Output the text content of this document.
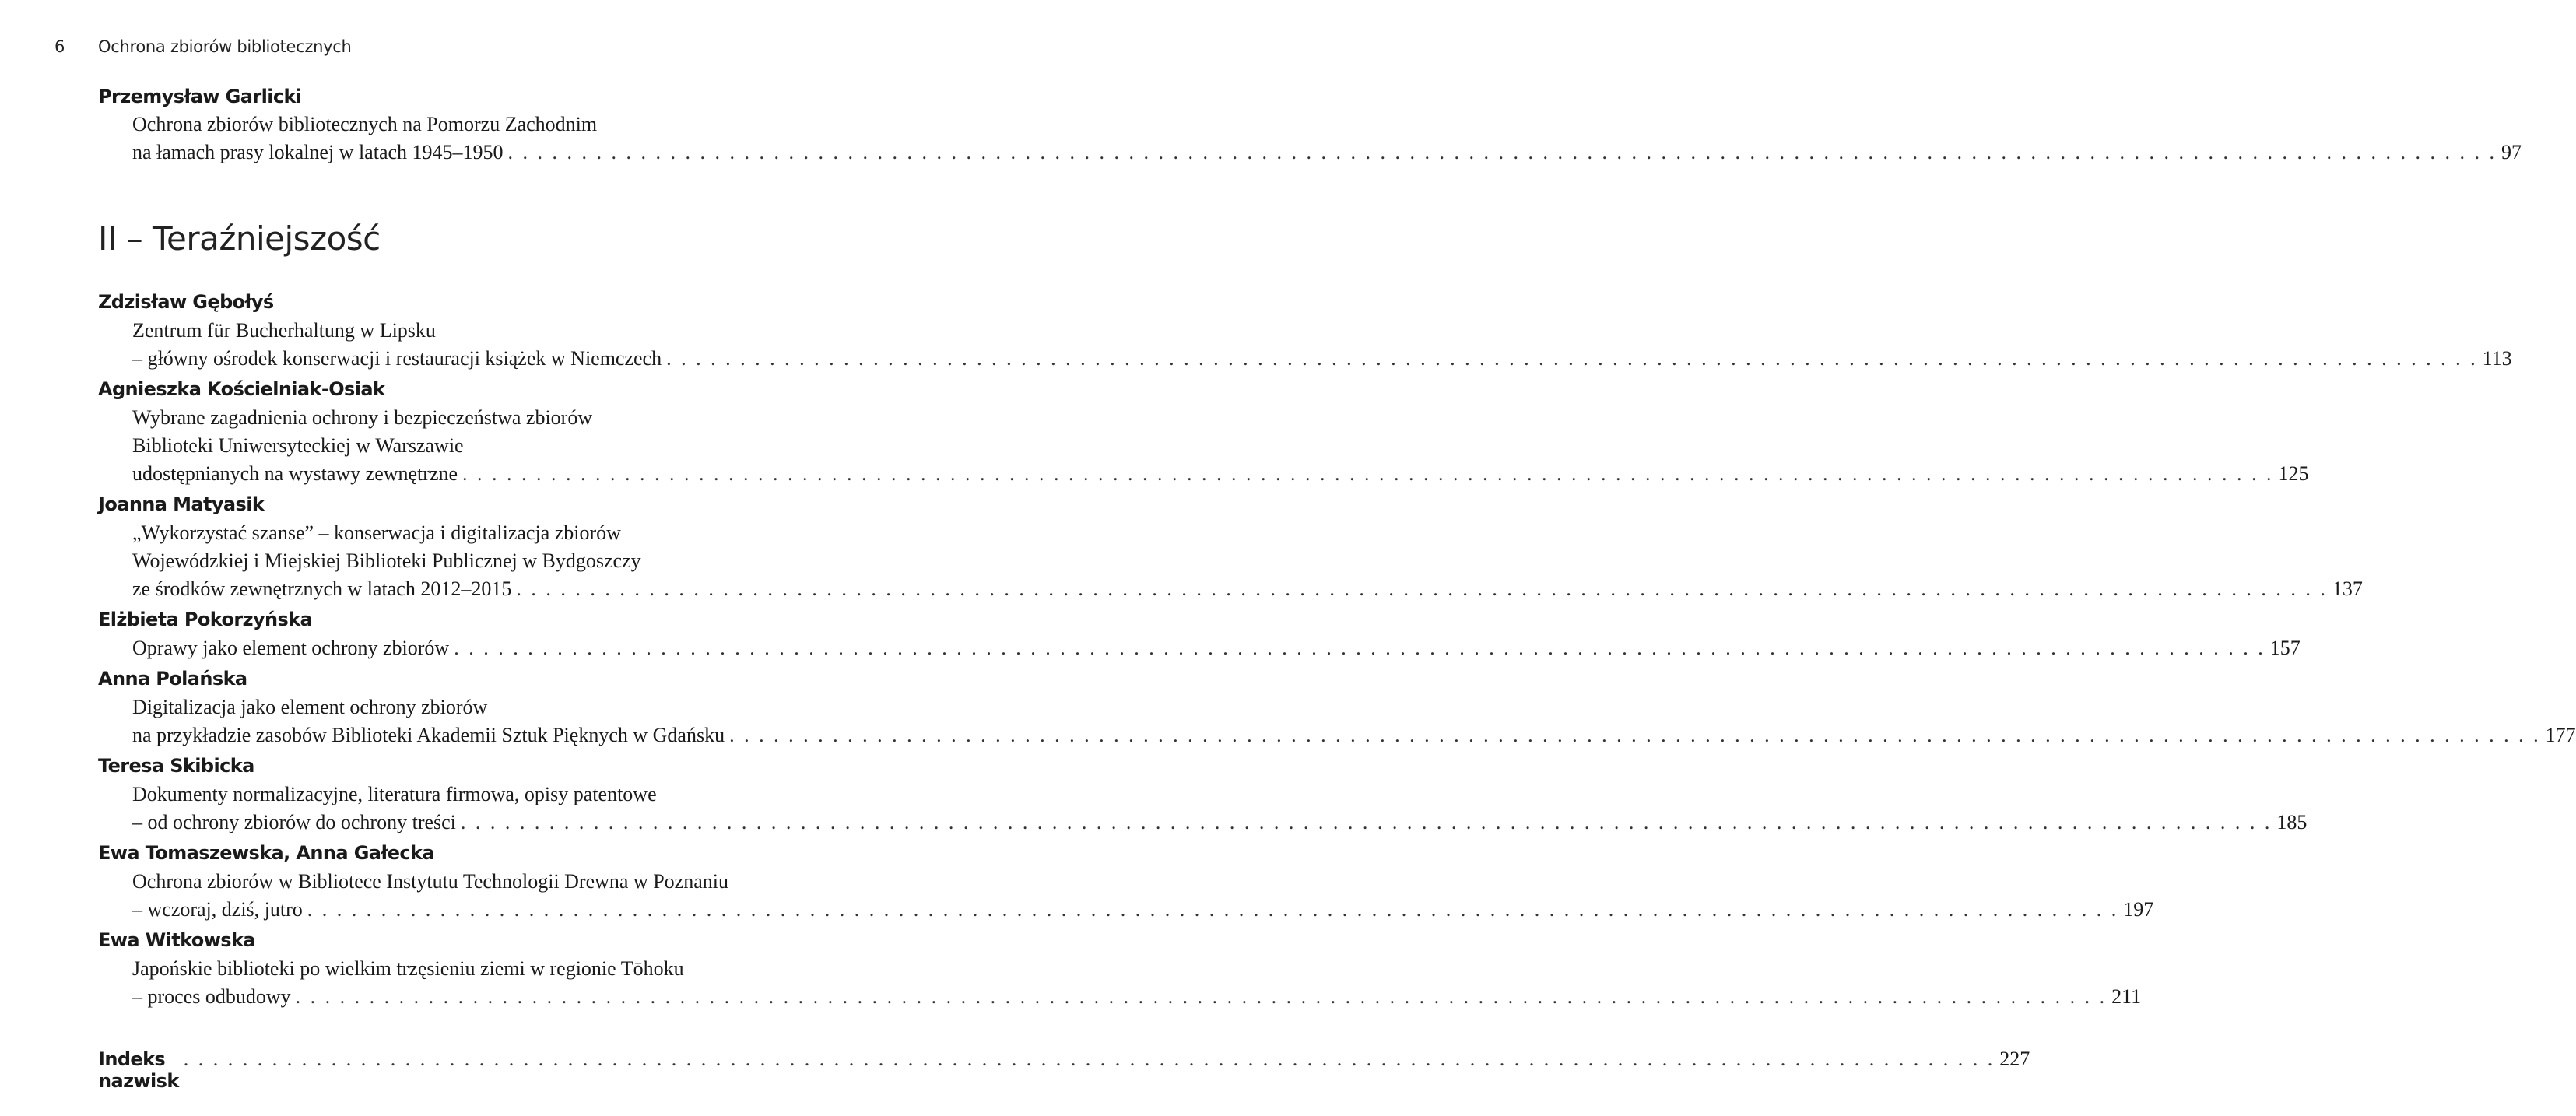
6 Ochrona zbiorów bibliotecznych
Przemysław Garlicki
Ochrona zbiorów bibliotecznych na Pomorzu Zachodnim
na łamach prasy lokalnej w latach 1945–1950 . . . . . . . . . . . . . . . . . . . . . . . . . . . . . . . . . . . . . . . . . . . . . . . . . . . . . . . . . . . . . . . . . . . . . . . . . . . . . . . . . . . . . . . . . . . . . . . . . . . . . . . . . . . . . . . . . . . . . . . . . . . . . . . . . . . . . . . 97
II – Teraźniejszość
Zdzisław Gębołyś
Zentrum für Bucherhaltung w Lipsku
– główny ośrodek konserwacji i restauracji książek w Niemczech . . . . . . . . . . . . . . . . . . . . . . . . . . . . . . . . . . . . . . . . . . . . . . . . . . . . . . . . . . . . . . . . . . . . . . . . . . . . . . . . . . . . . . . . . . . . . . . . . . . . . . . . . . . . . . . . . . . . . . . . . . . 113
Agnieszka Kościelniak-Osiak
Wybrane zagadnienia ochrony i bezpieczeństwa zbiorów
Biblioteki Uniwersyteckiej w Warszawie
udostępnianych na wystawy zewnętrzne . . . . . . . . . . . . . . . . . . . . . . . . . . . . . . . . . . . . . . . . . . . . . . . . . . . . . . . . . . . . . . . . . . . . . . . . . . . . . . . . . . . . . . . . . . . . . . . . . . . . . . . . . . . . . . . . . . . . . . . . . . . 125
Joanna Matyasik
„Wykorzystać szanse” – konserwacja i digitalizacja zbiorów
Wojewódzkiej i Miejskiej Biblioteki Publicznej w Bydgoszczy
ze środków zewnętrznych w latach 2012–2015 . . . . . . . . . . . . . . . . . . . . . . . . . . . . . . . . . . . . . . . . . . . . . . . . . . . . . . . . . . . . . . . . . . . . . . . . . . . . . . . . . . . . . . . . . . . . . . . . . . . . . . . . . . . . . . . . . . . . . . . . . . . 137
Elżbieta Pokorzyńska
Oprawy jako element ochrony zbiorów . . . . . . . . . . . . . . . . . . . . . . . . . . . . . . . . . . . . . . . . . . . . . . . . . . . . . . . . . . . . . . . . . . . . . . . . . . . . . . . . . . . . . . . . . . . . . . . . . . . . . . . . . . . . . . . . . . . . . . . . . . . 157
Anna Polańska
Digitalizacja jako element ochrony zbiorów
na przykładzie zasobów Biblioteki Akademii Sztuk Pięknych w Gdańsku . . . . . . . . . . . . . . . . . . . . . . . . . . . . . . . . . . . . . . . . . . . . . . . . . . . . . . . . . . . . . . . . . . . . . . . . . . . . . . . . . . . . . . . . . . . . . . . . . . . . . . . . . . . . . . . . . . . . . . . . . . . 177
Teresa Skibicka
Dokumenty normalizacyjne, literatura firmowa, opisy patentowe
– od ochrony zbiorów do ochrony treści . . . . . . . . . . . . . . . . . . . . . . . . . . . . . . . . . . . . . . . . . . . . . . . . . . . . . . . . . . . . . . . . . . . . . . . . . . . . . . . . . . . . . . . . . . . . . . . . . . . . . . . . . . . . . . . . . . . . . . . . . . . 185
Ewa Tomaszewska, Anna Gałecka
Ochrona zbiorów w Bibliotece Instytutu Technologii Drewna w Poznaniu
– wczoraj, dziś, jutro . . . . . . . . . . . . . . . . . . . . . . . . . . . . . . . . . . . . . . . . . . . . . . . . . . . . . . . . . . . . . . . . . . . . . . . . . . . . . . . . . . . . . . . . . . . . . . . . . . . . . . . . . . . . . . . . . . . . . . . . . . . 197
Ewa Witkowska
Japońskie biblioteki po wielkim trzęsieniu ziemi w regionie Tōhoku
– proces odbudowy . . . . . . . . . . . . . . . . . . . . . . . . . . . . . . . . . . . . . . . . . . . . . . . . . . . . . . . . . . . . . . . . . . . . . . . . . . . . . . . . . . . . . . . . . . . . . . . . . . . . . . . . . . . . . . . . . . . . . . . . . . . 211
Indeks nazwisk
. . . . . . . . . . . . . . . . . . . . . . . . . . . . . . . . . . . . . . . . . . . . . . . . . . . . . . . . . . . . . . . . . . . . . . . . . . . . . . . . . . . . . . . . . . . . . . . . . . . . . . . . . . . . . . . . . . . . . . . . . . . 227
